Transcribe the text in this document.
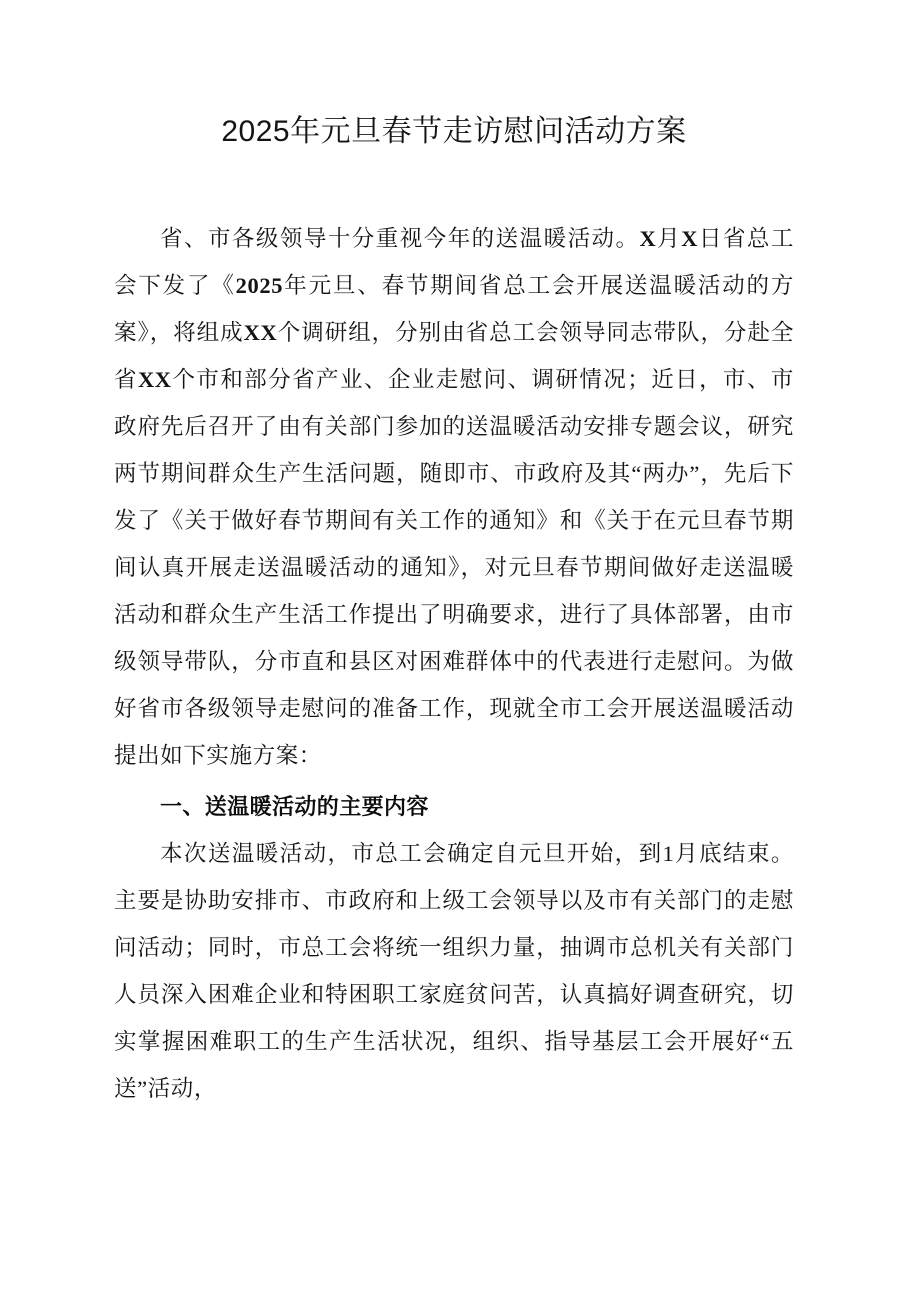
2025年元旦春节走访慰问活动方案

省、市各级领导十分重视今年的送温暖活动。X月X日省总工会下发了《2025年元旦、春节期间省总工会开展送温暖活动的方案》，将组成XX个调研组，分别由省总工会领导同志带队，分赴全省XX个市和部分省产业、企业走慰问、调研情况；近日，市、市政府先后召开了由有关部门参加的送温暖活动安排专题会议，研究两节期间群众生产生活问题，随即市、市政府及其“两办”，先后下发了《关于做好春节期间有关工作的通知》和《关于在元旦春节期间认真开展走送温暖活动的通知》，对元旦春节期间做好走送温暖活动和群众生产生活工作提出了明确要求，进行了具体部署，由市级领导带队，分市直和县区对困难群体中的代表进行走慰问。为做好省市各级领导走慰问的准备工作，现就全市工会开展送温暖活动提出如下实施方案：

一、送温暖活动的主要内容

本次送温暖活动，市总工会确定自元旦开始，到1月底结束。主要是协助安排市、市政府和上级工会领导以及市有关部门的走慰问活动；同时，市总工会将统一组织力量，抽调市总机关有关部门人员深入困难企业和特困职工家庭贫问苦，认真搞好调查研究，切实掌握困难职工的生产生活状况，组织、指导基层工会开展好“五送”活动，
